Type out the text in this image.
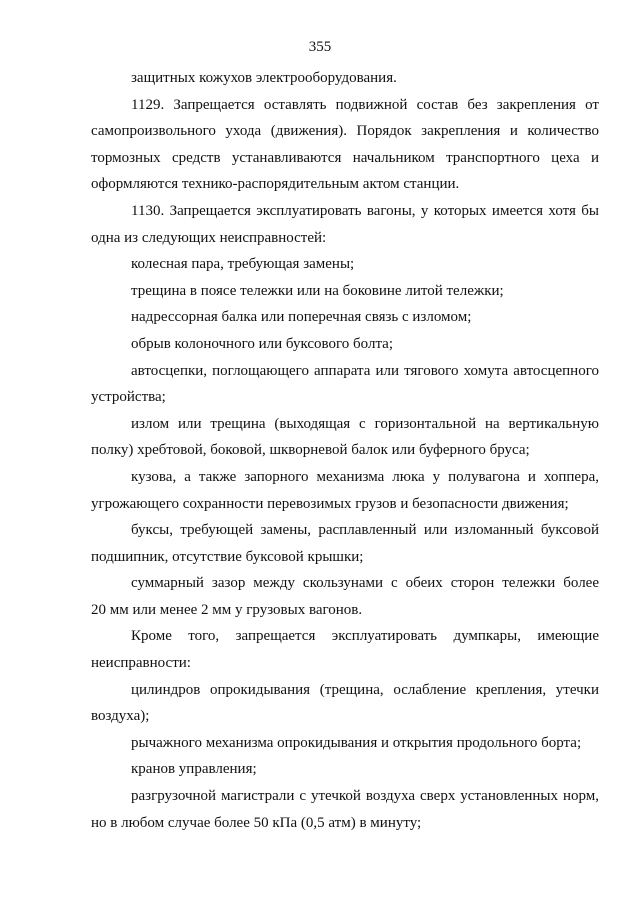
355
защитных кожухов электрооборудования.
1129. Запрещается оставлять подвижной состав без закрепления от
самопроизвольного ухода (движения). Порядок закрепления и количество
тормозных средств устанавливаются начальником транспортного цеха и
оформляются технико-распорядительным актом станции.
1130. Запрещается эксплуатировать вагоны, у которых имеется хотя бы
одна из следующих неисправностей:
колесная пара, требующая замены;
трещина в поясе тележки или на боковине литой тележки;
надрессорная балка или поперечная связь с изломом;
обрыв колоночного или буксового болта;
автосцепки, поглощающего аппарата или тягового хомута автосцепного
устройства;
излом или трещина (выходящая с горизонтальной на вертикальную
полку) хребтовой, боковой, шкворневой балок или буферного бруса;
кузова, а также запорного механизма люка у полувагона и хоппера,
угрожающего сохранности перевозимых грузов и безопасности движения;
буксы, требующей замены, расплавленный или изломанный буксовой
подшипник, отсутствие буксовой крышки;
суммарный зазор между скользунами с обеих сторон тележки более
20 мм или менее 2 мм у грузовых вагонов.
Кроме того, запрещается эксплуатировать думпкары, имеющие
неисправности:
цилиндров опрокидывания (трещина, ослабление крепления, утечки
воздуха);
рычажного механизма опрокидывания и открытия продольного борта;
кранов управления;
разгрузочной магистрали с утечкой воздуха сверх установленных норм,
но в любом случае более 50 кПа (0,5 атм) в минуту;
